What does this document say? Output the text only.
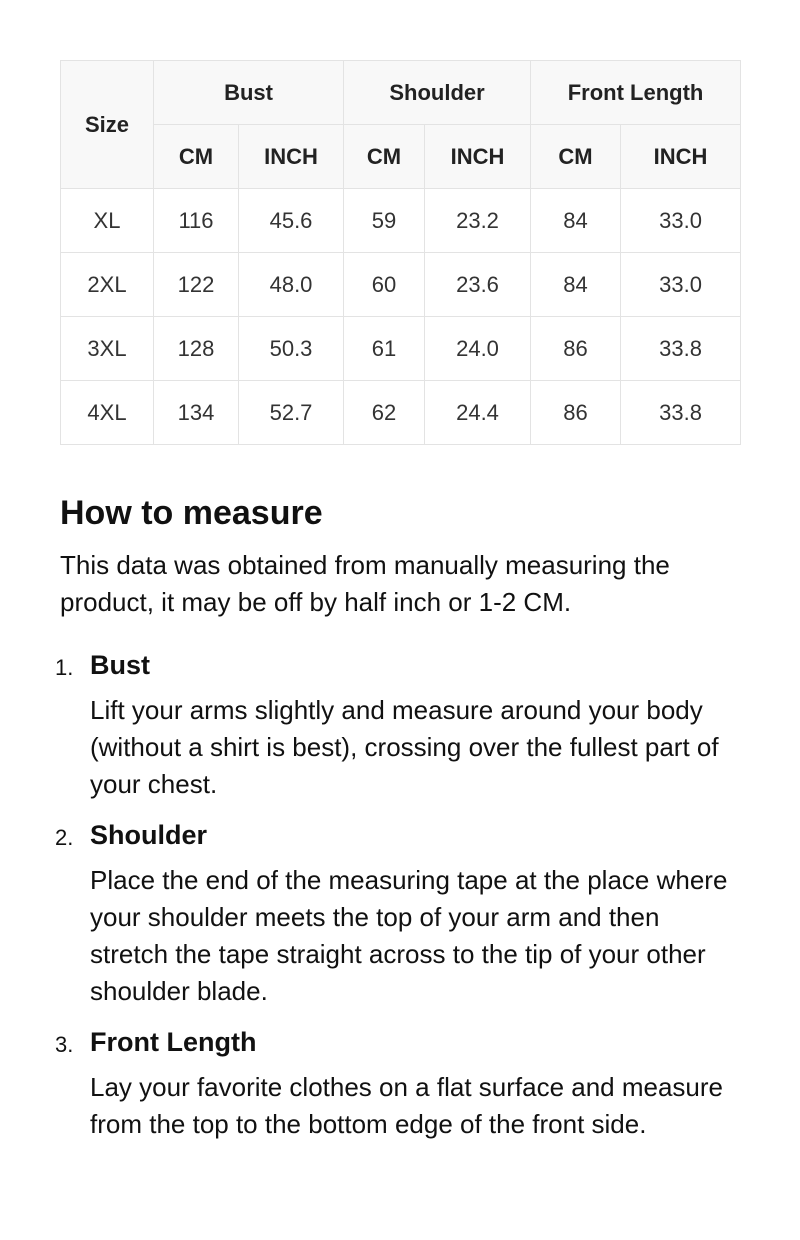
Size	Bust		Shoulder		Front Length	
	CM	INCH	CM	INCH	CM	INCH
XL	116	45.6	59	23.2	84	33.0
2XL	122	48.0	60	23.6	84	33.0
3XL	128	50.3	61	24.0	86	33.8
4XL	134	52.7	62	24.4	86	33.8
How to measure

This data was obtained from manually measuring the product, it may be off by half inch or 1-2 CM.

1. Bust
Lift your arms slightly and measure around your body (without a shirt is best), crossing over the fullest part of your chest.
2. Shoulder
Place the end of the measuring tape at the place where your shoulder meets the top of your arm and then stretch the tape straight across to the tip of your other shoulder blade.
3. Front Length
Lay your favorite clothes on a flat surface and measure from the top to the bottom edge of the front side.
